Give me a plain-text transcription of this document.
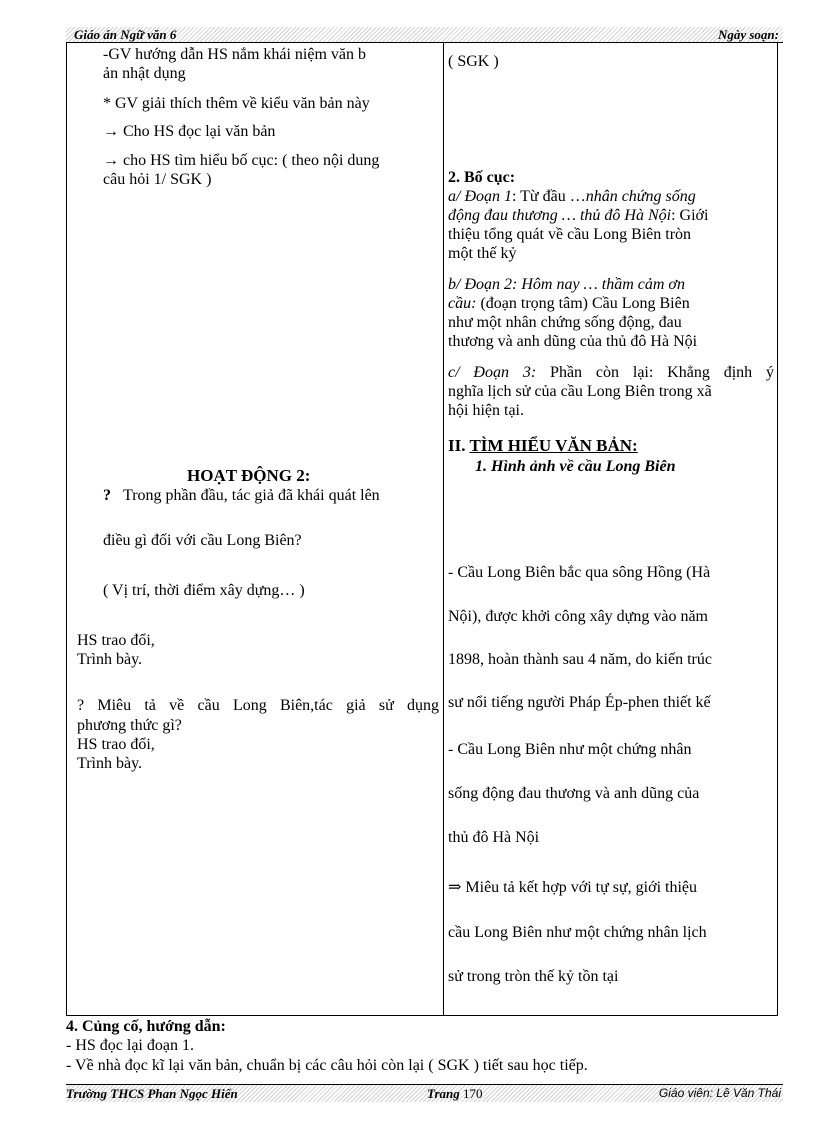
Giáo án Ngữ văn 6	Ngày soạn:
-GV hướng dẫn HS nắm khái niệm văn b
ản nhật dụng
* GV giải thích thêm về kiểu văn bản này
→ Cho HS đọc lại văn bản
→ cho HS tìm hiểu bố cục: ( theo nội dung
câu hỏi 1/ SGK )
HOẠT ĐỘNG 2:
? Trong phần đầu, tác giả đã khái quát lên
điều gì đối với cầu Long Biên?
( Vị trí, thời điểm xây dựng… )
HS trao đổi,
Trình bày.
? Miêu tả về cầu Long Biên,tác giả sử dụng
phương thức gì?
HS trao đổi,
Trình bày.
( SGK )
2. Bố cục:
a/ Đoạn 1: Từ đầu …nhân chứng sống
động đau thương … thủ đô Hà Nội: Giới
thiệu tổng quát về cầu Long Biên tròn
một thế kỷ
b/ Đoạn 2: Hôm nay … thầm cảm ơn
cầu: (đoạn trọng tâm) Cầu Long Biên
như một nhân chứng sống động, đau
thương và anh dũng của thủ đô Hà Nội
c/ Đoạn 3: Phần còn lại: Khẳng định ý
nghĩa lịch sử của cầu Long Biên trong xã
hội hiện tại.
II. TÌM HIỂU VĂN BẢN:
1. Hình ảnh về cầu Long Biên
- Cầu Long Biên bắc qua sông Hồng (Hà
Nội), được khởi công xây dựng vào năm
1898, hoàn thành sau 4 năm, do kiến trúc
sư nổi tiếng người Pháp Ép-phen thiết kế
- Cầu Long Biên như một chứng nhân
sống động đau thương và anh dũng của
thủ đô Hà Nội
⇒ Miêu tả kết hợp với tự sự, giới thiệu
cầu Long Biên như một chứng nhân lịch
sử trong tròn thế kỷ tồn tại
4. Củng cố, hướng dẫn:
- HS đọc lại đoạn 1.
- Về nhà đọc kĩ lại văn bản, chuẩn bị các câu hỏi còn lại ( SGK ) tiết sau học tiếp.
Trường THCS Phan Ngọc Hiển	Trang 170	Giáo viên: Lê Văn Thái
